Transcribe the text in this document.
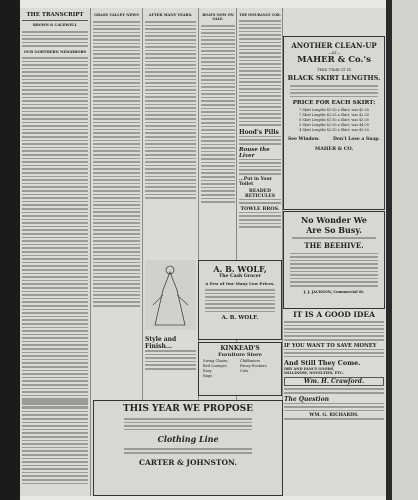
THE TRANSCRIPT
BROWN & CALDWELL
OUR NORTHERN NEIGHBORS
GRASS VALLEY NEWS	AFTER MANY YEARS.	BOATS NOW ON SALE.
THE INSURANCE COR.
Hood's Pills
Rouse the Liver
...Put in Your Toilet
BEADED
RETICULES
TOWLE BROS.
ANOTHER CLEAN-UP
—AT—
MAHER & Co.'s
THIS TIME IT IS
BLACK SKIRT LENGTHS.
PRICE FOR EACH SKIRT:
7 Skirt Lengths $1.00 a Skirt; was $2.00
7 Skirt Lengths $1.25 a Skirt; was $2.50
6 Skirt Lengths $1.50 a Skirt; was $3.00
5 Skirt Lengths $2.00 a Skirt; was $4.00
4 Skirt Lengths $2.50 a Skirt; was $5.00
See Window.	Don't Lose a Snap.
MAHER & CO.
No Wonder We
Are So Busy.
THE BEEHIVE.
J. J. JACKSON, Commercial St.
IT IS A GOOD IDEA
IF YOU WANT TO SAVE MONEY
And Still They Come.
DRY AND FANCY GOODS,
MILLINERY, NOVELTIES, ETC.
Wm. H. Crawford.
The Question
WM. G. RICHARDS.
A. B. WOLF,
The Cash Grocer
A Few of Our Many Low Prices.
A. B. WOLF.
KINKEAD'S
Furniture Store
Swing Chairs,	Chiffoniers
Bed Lounges	Fancy Rockers
Easy	Cots
Rugs
Style and
Finish...
THIS YEAR WE PROPOSE
Clothing Line
CARTER & JOHNSTON.
